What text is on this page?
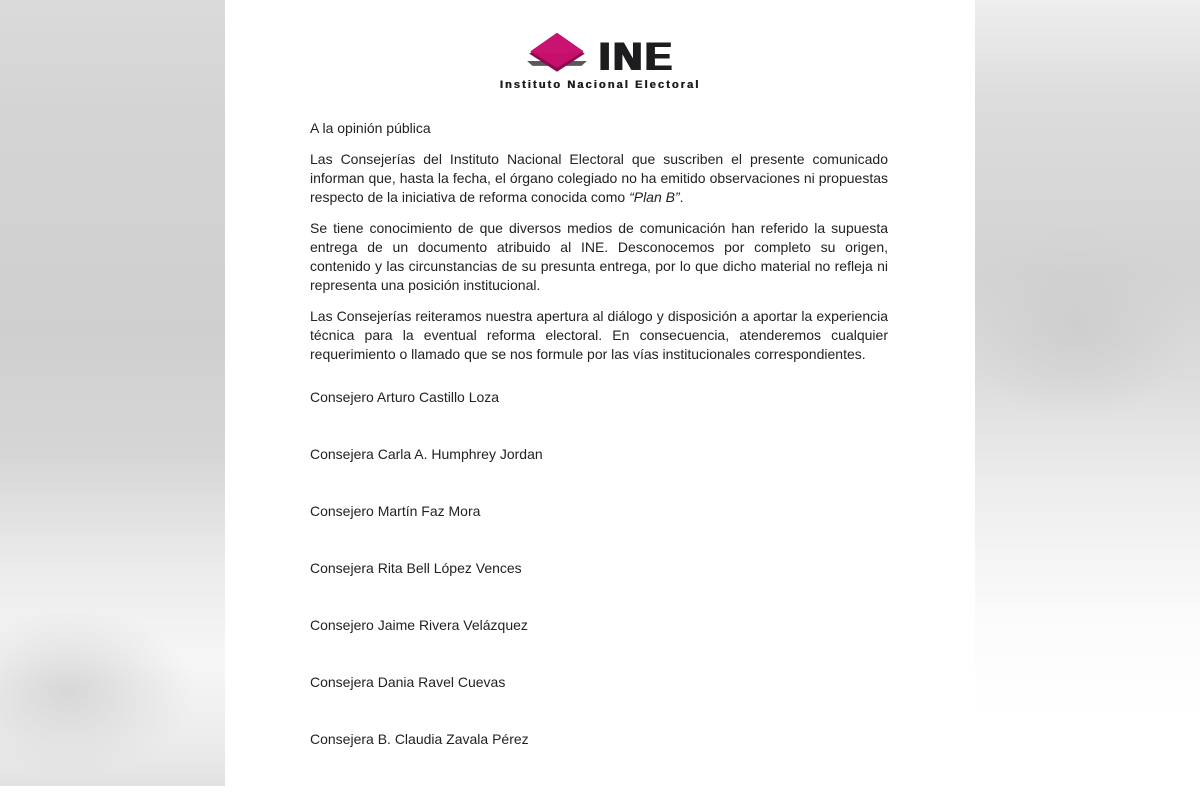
INE
Instituto Nacional Electoral
A la opinión pública

Las Consejerías del Instituto Nacional Electoral que suscriben el presente comunicado informan que, hasta la fecha, el órgano colegiado no ha emitido observaciones ni propuestas respecto de la iniciativa de reforma conocida como “Plan B”.

Se tiene conocimiento de que diversos medios de comunicación han referido la supuesta entrega de un documento atribuido al INE. Desconocemos por completo su origen, contenido y las circunstancias de su presunta entrega, por lo que dicho material no refleja ni representa una posición institucional.

Las Consejerías reiteramos nuestra apertura al diálogo y disposición a aportar la experiencia técnica para la eventual reforma electoral. En consecuencia, atenderemos cualquier requerimiento o llamado que se nos formule por las vías institucionales correspondientes.

Consejero Arturo Castillo Loza
Consejera Carla A. Humphrey Jordan
Consejero Martín Faz Mora
Consejera Rita Bell López Vences
Consejero Jaime Rivera Velázquez
Consejera Dania Ravel Cuevas
Consejera B. Claudia Zavala Pérez
